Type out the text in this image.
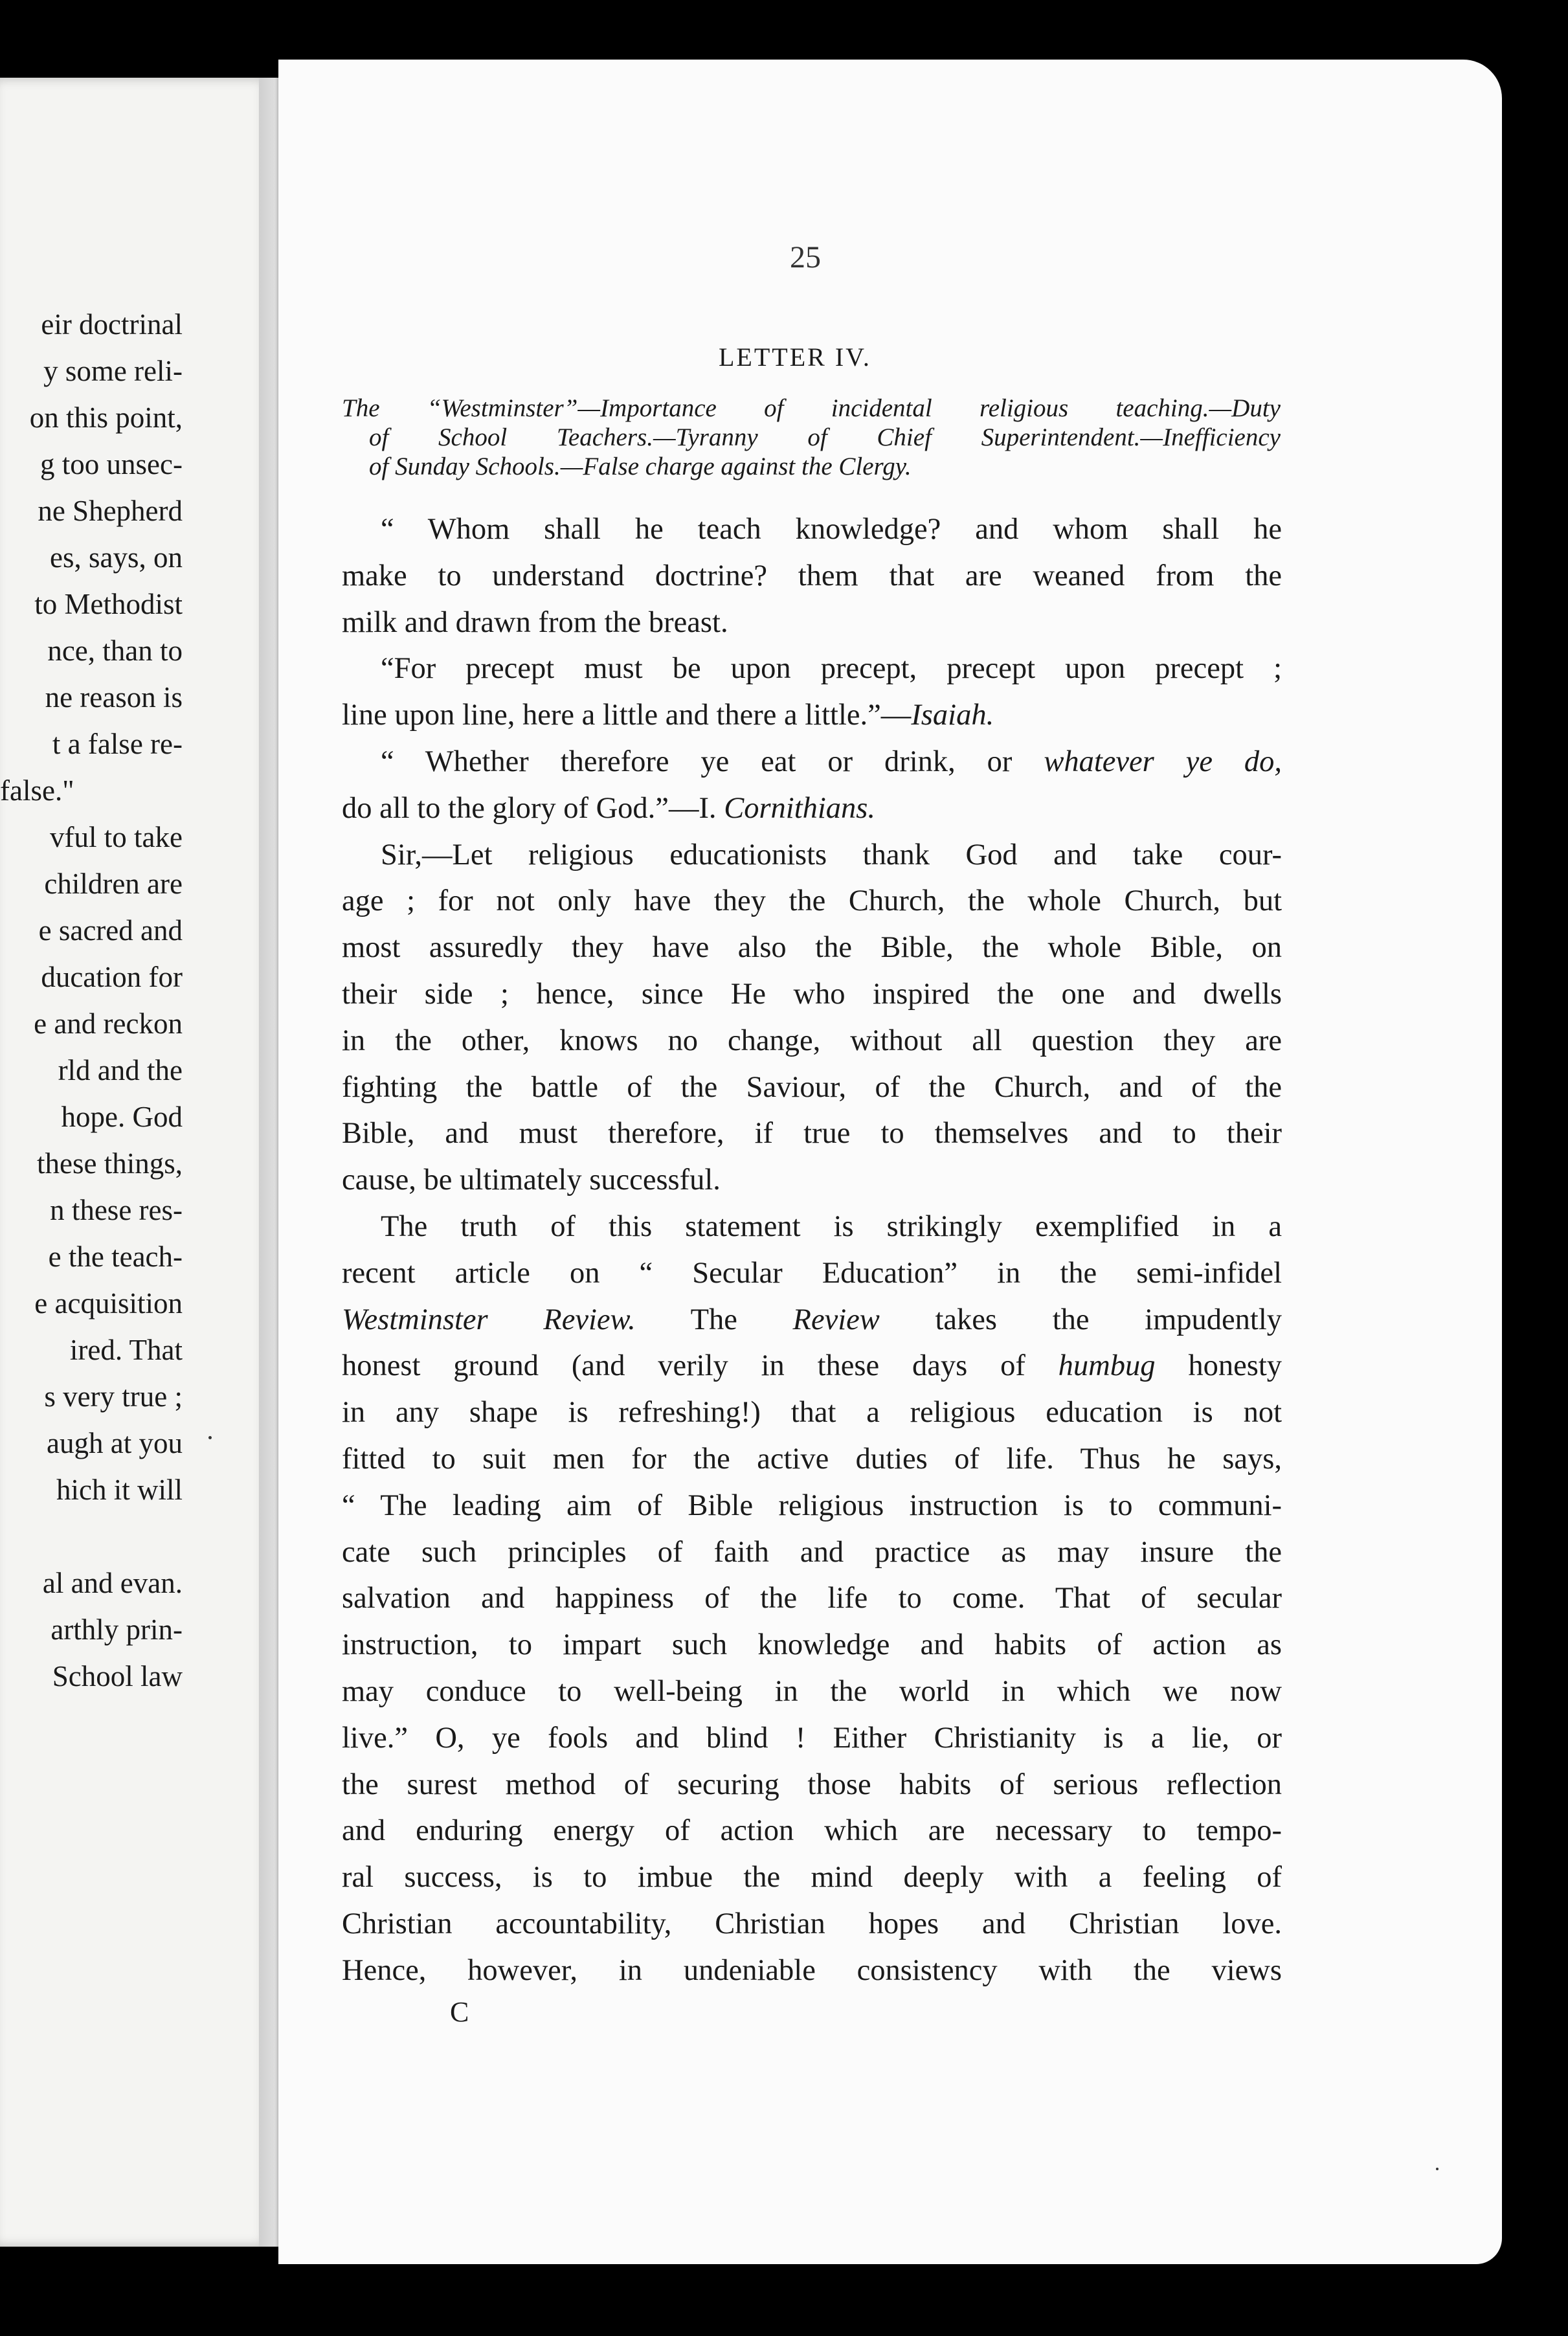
eir doctrinal

y some reli-

on this point,

g too unsec-

ne Shepherd

es, says, on

to Methodist

nce, than to

ne reason is

t a false re-

false."

vful to take

children are

e sacred and

ducation for

e and reckon

rld and the

hope. God

these things,

n these res-

e the teach-

e acquisition

ired. That

s very true ;

augh at you

hich it will

al and evan.

arthly prin-

School law

25
LETTER IV.
The “Westminster”—Importance of incidental religious teaching.—Duty
of School Teachers.—Tyranny of Chief Superintendent.—Inefficiency
of Sunday Schools.—False charge against the Clergy.
“ Whom shall he teach knowledge? and whom shall he
make to understand doctrine? them that are weaned from the
milk and drawn from the breast.
“For precept must be upon precept, precept upon precept ;
line upon line, here a little and there a little.”—Isaiah.
“ Whether therefore ye eat or drink, or whatever ye do,
do all to the glory of God.”—I. Cornithians.
Sir,—Let religious educationists thank God and take cour-
age ; for not only have they the Church, the whole Church, but
most assuredly they have also the Bible, the whole Bible, on
their side ; hence, since He who inspired the one and dwells
in the other, knows no change, without all question they are
fighting the battle of the Saviour, of the Church, and of the
Bible, and must therefore, if true to themselves and to their
cause, be ultimately successful.
The truth of this statement is strikingly exemplified in a
recent article on “ Secular Education” in the semi-infidel
Westminster Review. The Review takes the impudently
honest ground (and verily in these days of humbug honesty
in any shape is refreshing!) that a religious education is not
fitted to suit men for the active duties of life. Thus he says,
“ The leading aim of Bible religious instruction is to communi-
cate such principles of faith and practice as may insure the
salvation and happiness of the life to come. That of secular
instruction, to impart such knowledge and habits of action as
may conduce to well-being in the world in which we now
live.” O, ye fools and blind ! Either Christianity is a lie, or
the surest method of securing those habits of serious reflection
and enduring energy of action which are necessary to tempo-
ral success, is to imbue the mind deeply with a feeling of
Christian accountability, Christian hopes and Christian love.
Hence, however, in undeniable consistency with the views
C
